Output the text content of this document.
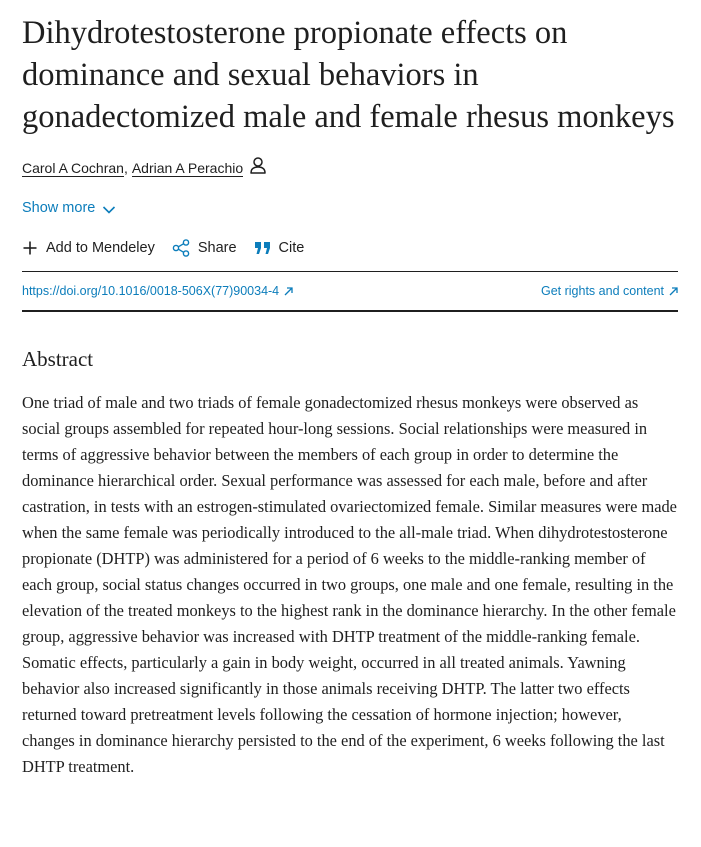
Dihydrotestosterone propionate effects on dominance and sexual behaviors in gonadectomized male and female rhesus monkeys
Carol A Cochran , Adrian A Perachio
Show more
Add to Mendeley	Share	Cite
https://doi.org/10.1016/0018-506X(77)90034-4	Get rights and content
Abstract

One triad of male and two triads of female gonadectomized rhesus monkeys were observed as social groups assembled for repeated hour-long sessions. Social relationships were measured in terms of aggressive behavior between the members of each group in order to determine the dominance hierarchical order. Sexual performance was assessed for each male, before and after castration, in tests with an estrogen-stimulated ovariectomized female. Similar measures were made when the same female was periodically introduced to the all-male triad. When dihydrotestosterone propionate (DHTP) was administered for a period of 6 weeks to the middle-ranking member of each group, social status changes occurred in two groups, one male and one female, resulting in the elevation of the treated monkeys to the highest rank in the dominance hierarchy. In the other female group, aggressive behavior was increased with DHTP treatment of the middle-ranking female. Somatic effects, particularly a gain in body weight, occurred in all treated animals. Yawning behavior also increased significantly in those animals receiving DHTP. The latter two effects returned toward pretreatment levels following the cessation of hormone injection; however, changes in dominance hierarchy persisted to the end of the experiment, 6 weeks following the last DHTP treatment.
